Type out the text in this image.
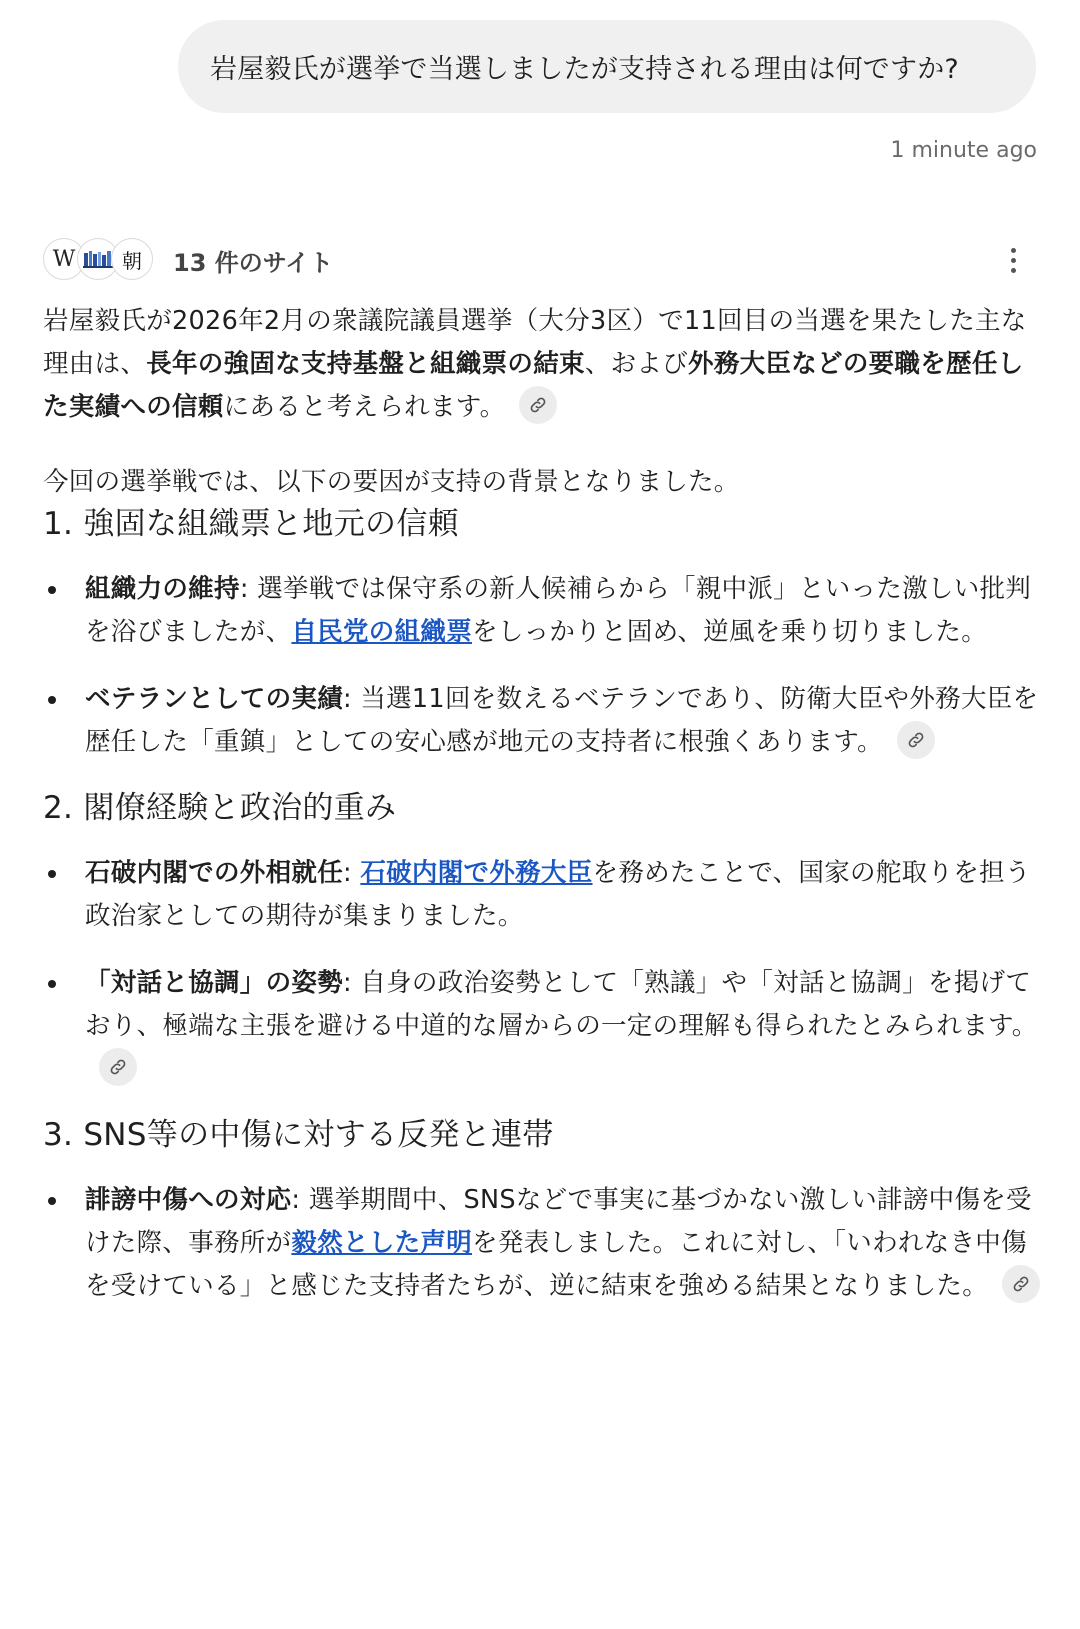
岩屋毅氏が選挙で当選しましたが支持される理由は何ですか?
1 minute ago
W	朝	13 件のサイト

岩屋毅氏が2026年2月の衆議院議員選挙（大分3区）で11回目の当選を果たした主な理由は、長年の強固な支持基盤と組織票の結束、および外務大臣などの要職を歴任した実績への信頼にあると考えられます。

今回の選挙戦では、以下の要因が支持の背景となりました。

1. 強固な組織票と地元の信頼
組織力の維持: 選挙戦では保守系の新人候補らから「親中派」といった激しい批判を浴びましたが、自民党の組織票をしっかりと固め、逆風を乗り切りました。
ベテランとしての実績: 当選11回を数えるベテランであり、防衛大臣や外務大臣を歴任した「重鎮」としての安心感が地元の支持者に根強くあります。
2. 閣僚経験と政治的重み
石破内閣での外相就任: 石破内閣で外務大臣を務めたことで、国家の舵取りを担う政治家としての期待が集まりました。
「対話と協調」の姿勢: 自身の政治姿勢として「熟議」や「対話と協調」を掲げており、極端な主張を避ける中道的な層からの一定の理解も得られたとみられます。
3. SNS等の中傷に対する反発と連帯
誹謗中傷への対応: 選挙期間中、SNSなどで事実に基づかない激しい誹謗中傷を受けた際、事務所が毅然とした声明を発表しました。これに対し、「いわれなき中傷を受けている」と感じた支持者たちが、逆に結束を強める結果となりました。
